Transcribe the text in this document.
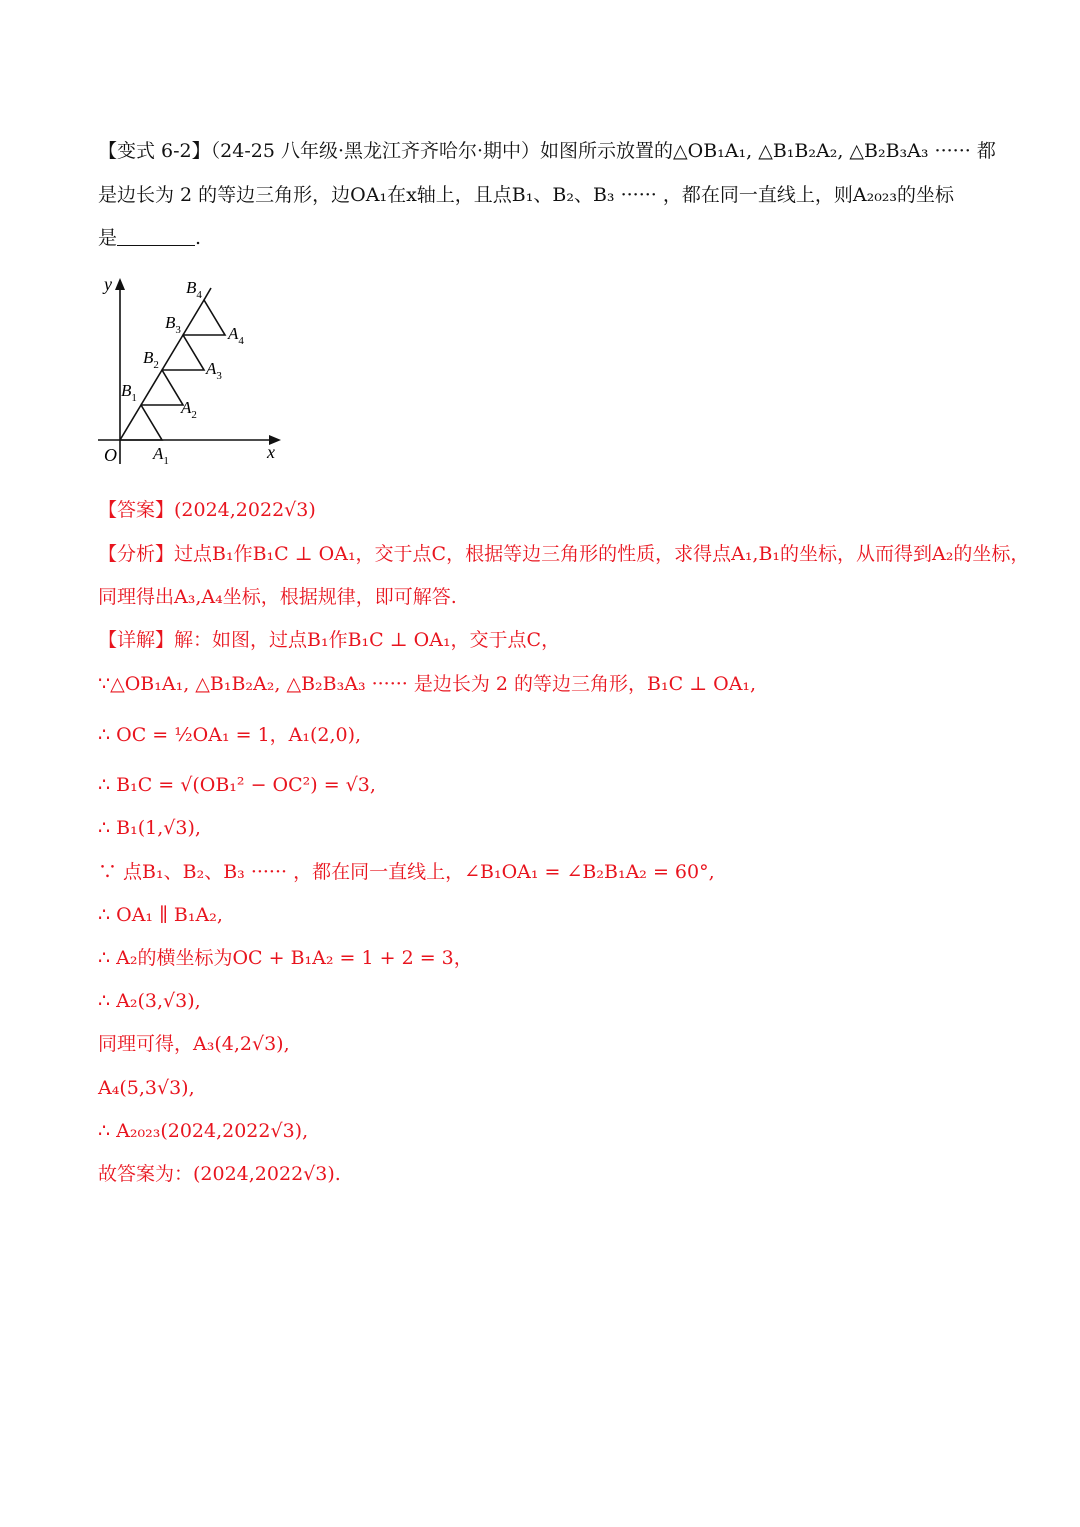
【变式 6-2】（24-25 八年级·黑龙江齐齐哈尔·期中）如图所示放置的△OB₁A₁, △B₁B₂A₂, △B₂B₃A₃ ······ 都
是边长为 2 的等边三角形，边OA₁在x轴上，且点B₁、B₂、B₃ ······ ，都在同一直线上，则A₂₀₂₃的坐标
是	.
y
x
O $A_1$
$A_2$
$A_3$
$A_4$
$B_1$
$B_2$
$B_3$
$B_4$
【答案】(2024,2022√3)
【分析】过点B₁作B₁C ⊥ OA₁，交于点C，根据等边三角形的性质，求得点A₁,B₁的坐标，从而得到A₂的坐标，
同理得出A₃,A₄坐标，根据规律，即可解答.
【详解】解：如图，过点B₁作B₁C ⊥ OA₁，交于点C，
∵△OB₁A₁, △B₁B₂A₂, △B₂B₃A₃ ······ 是边长为 2 的等边三角形，B₁C ⊥ OA₁,
∴ OC = ½OA₁ = 1，A₁(2,0),
∴ B₁C = √(OB₁² − OC²) = √3,
∴ B₁(1,√3),
∵ 点B₁、B₂、B₃ ······ ，都在同一直线上，∠B₁OA₁ = ∠B₂B₁A₂ = 60°,
∴ OA₁ ∥ B₁A₂,
∴ A₂的横坐标为OC + B₁A₂ = 1 + 2 = 3，
∴ A₂(3,√3),
同理可得，A₃(4,2√3),
A₄(5,3√3),
∴ A₂₀₂₃(2024,2022√3),
故答案为：(2024,2022√3).
